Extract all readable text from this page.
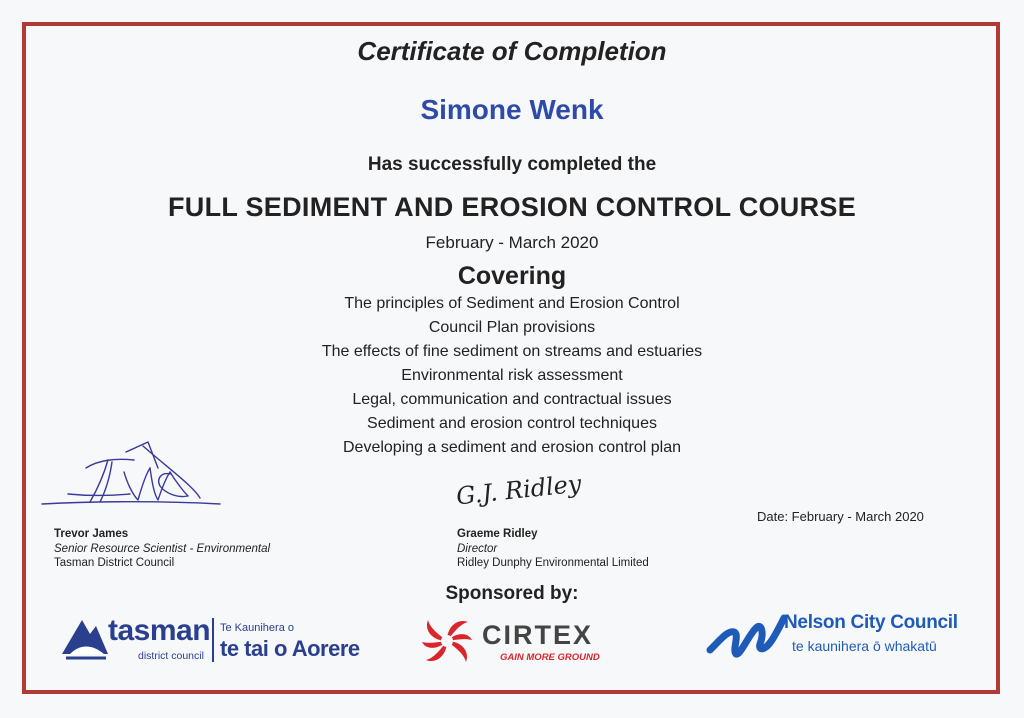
Certificate of Completion
Simone Wenk
Has successfully completed the
FULL SEDIMENT AND EROSION CONTROL COURSE
February - March 2020
Covering
The principles of Sediment and Erosion Control
Council Plan provisions
The effects of fine sediment on streams and estuaries
Environmental risk assessment
Legal, communication and contractual issues
Sediment and erosion control techniques
Developing a sediment and erosion control plan
Trevor James
Senior Resource Scientist - Environmental
Tasman District Council
G.J. Ridley
Graeme Ridley
Director
Ridley Dunphy Environmental Limited
Date: February - March 2020
Sponsored by:
tasman
district council
Te Kaunihera o
te tai o Aorere	CIRTEX
GAIN MORE GROUND
Nelson City Council
te kaunihera ō whakatū
